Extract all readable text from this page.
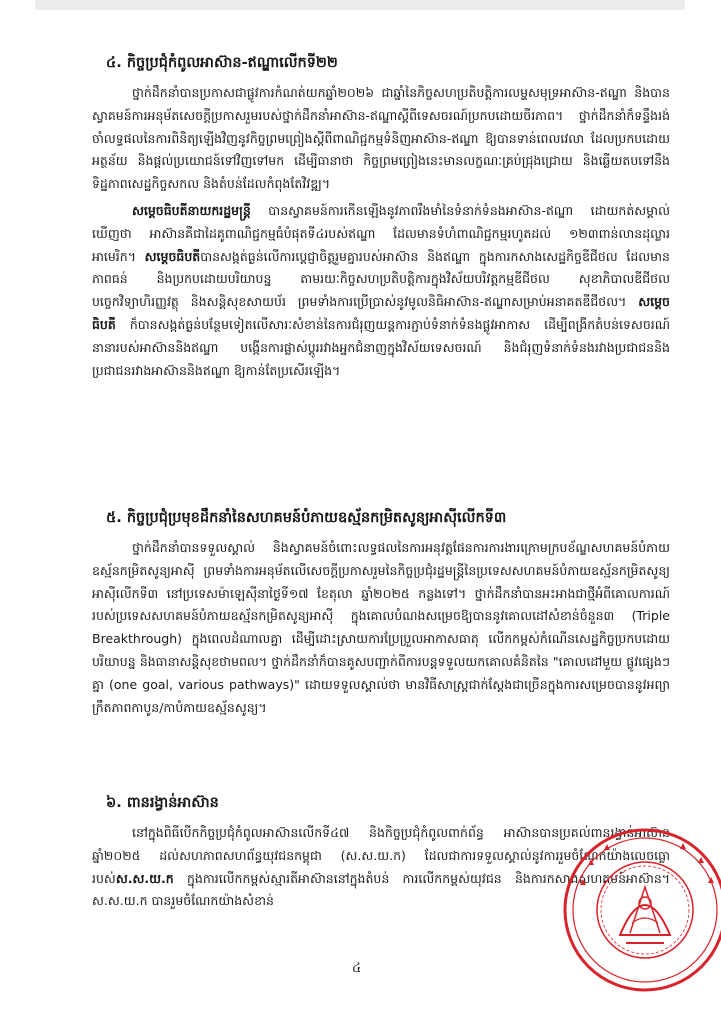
៤. កិច្ចប្រជុំកំពូលអាស៊ាន-ឥណ្ឌាលើកទី២២

ថ្នាក់ដឹកនាំបានប្រកាសជាផ្លូវការកំណត់យកឆ្នាំ២០២៦ ជាឆ្នាំនៃកិច្ចសហប្រតិបត្តិការលម្ហសមុទ្រអាស៊ាន-ឥណ្ឌា និងបានស្វាគមន៍ការអនុម័តសេចក្តីប្រកាសរួមរបស់ថ្នាក់ដឹកនាំអាស៊ាន-ឥណ្ឌាស្តីពីទេសចរណ៍ប្រកបដោយចីរភាព។ ថ្នាក់ដឹកនាំក៏ទន្ទឹងរង់ចាំលទ្ធផលនៃការពិនិត្យឡើងវិញនូវកិច្ចព្រមព្រៀងស្តីពីពាណិជ្ជកម្មទំនិញអាស៊ាន-ឥណ្ឌា ឱ្យបានទាន់ពេលវេលា ដែលប្រកបដោយអត្ថន័យ និងផ្តល់ប្រយោជន៍ទៅវិញទៅមក ដើម្បីធានាថា កិច្ចព្រមព្រៀងនេះមានលក្ខណៈគ្រប់ជ្រុងជ្រោយ និងឆ្លើយតបទៅនឹងទិដ្ឋភាពសេដ្ឋកិច្ចសកល និងតំបន់ដែលកំពុងតែវិវឌ្ឍ។

សម្តេចធិបតីនាយករដ្ឋមន្ត្រី បានស្វាគមន៍ការកើនឡើងនូវភាពរឹងមាំនៃទំនាក់ទំនងអាស៊ាន-ឥណ្ឌា ដោយកត់សម្គាល់ឃើញថា អាស៊ានគឺជាដៃគូពាណិជ្ជកម្មធំបំផុតទី៤របស់ឥណ្ឌា ដែលមានទំហំពាណិជ្ជកម្មរហូតដល់ ១២៣ពាន់លានដុល្លារអាមេរិក។ សម្តេចធិបតីបានសង្កត់ធ្ងន់លើការប្តេជ្ញាចិត្តរួមគ្នារបស់អាស៊ាន និងឥណ្ឌា ក្នុងការកសាងសេដ្ឋកិច្ចឌីជីថល ដែលមានភាពធន់ និងប្រកបដោយបរិយាបន្ន តាមរយៈកិច្ចសហប្រតិបត្តិការក្នុងវិស័យបរិវត្តកម្មឌីជីថល សុខាភិបាលឌីជីថល បច្ចេកវិទ្យាហិរញ្ញវត្ថុ និងសន្តិសុខសាយប័រ ព្រមទាំងការប្រើប្រាស់នូវមូលនិធិអាស៊ាន-ឥណ្ឌាសម្រាប់អនាគតឌីជីថល។ សម្តេចធិបតី ក៏បានសង្កត់ធ្ងន់បន្ថែមទៀតលើសារៈសំខាន់នៃការជំរុញយន្តការភ្ជាប់ទំនាក់ទំនងផ្លូវអាកាស ដើម្បីពង្រីកតំបន់ទេសចរណ៍នានារបស់អាស៊ាននិងឥណ្ឌា បង្កើនការផ្លាស់ប្តូររវាងអ្នកជំនាញក្នុងវិស័យទេសចរណ៍ និងជំរុញទំនាក់ទំនងរវាងប្រជាជននិងប្រជាជនរវាងអាស៊ាននិងឥណ្ឌា ឱ្យកាន់តែប្រសើរឡើង។

៥. កិច្ចប្រជុំប្រមុខដឹកនាំនៃសហគមន៍បំភាយឧស្ម័នកម្រិតសូន្យអាស៊ីលើកទី៣

ថ្នាក់ដឹកនាំបានទទួលស្គាល់ និងស្វាគមន៍ចំពោះលទ្ធផលនៃការអនុវត្តផែនការការងារក្រោមក្របខ័ណ្ឌសហគមន៍បំភាយឧស្ម័នកម្រិតសូន្យអាស៊ី ព្រមទាំងការអនុម័តលើសេចក្តីប្រកាសរួមនៃកិច្ចប្រជុំរដ្ឋមន្ត្រីនៃប្រទេសសហគមន៍បំភាយឧស្ម័នកម្រិតសូន្យអាស៊ីលើកទី៣ នៅប្រទេសម៉ាឡេស៊ីនាថ្ងៃទី១៧ ខែតុលា ឆ្នាំ២០២៥ កន្លងទៅ។ ថ្នាក់ដឹកនាំបានអះអាងជាថ្មីអំពីគោលការណ៍របស់ប្រទេសសហគមន៍បំភាយឧស្ម័នកម្រិតសូន្យអាស៊ី ក្នុងគោលបំណងសម្រេចឱ្យបាននូវគោលដៅសំខាន់ចំនួន៣ (Triple Breakthrough) ក្នុងពេលដំណាលគ្នា ដើម្បីដោះស្រាយការប្រែប្រួលអាកាសធាតុ លើកកម្ពស់កំណើនសេដ្ឋកិច្ចប្រកបដោយបរិយាបន្ន និងធានាសន្តិសុខថាមពល។ ថ្នាក់ដឹកនាំក៏បានគូសបញ្ជាក់ពីការបន្តទទួលយកគោលគំនិតនៃ "គោលដៅមួយ ផ្លូវផ្សេងៗគ្នា (one goal, various pathways)" ដោយទទួលស្គាល់ថា មានវិធីសាស្ត្រជាក់ស្តែងជាច្រើនក្នុងការសម្រេចបាននូវអព្យាក្រឹតភាពកាបូន/កាបំភាយឧស្ម័នសូន្យ។

៦. ពានរង្វាន់អាស៊ាន

នៅក្នុងពិធីបើកកិច្ចប្រជុំកំពូលអាស៊ានលើកទី៤៧ និងកិច្ចប្រជុំកំពូលពាក់ព័ន្ធ អាស៊ានបានប្រគល់ពានរង្វាន់អាស៊ានឆ្នាំ២០២៥ ដល់សហភាពសហព័ន្ធយុវជនកម្ពុជា (ស.ស.យ.ក) ដែលជាការទទួលស្គាល់នូវការរួមចំណែកយ៉ាងលេចធ្លោរបស់ស.ស.យ.ក ក្នុងការលើកកម្ពស់ស្មារតីអាស៊ាននៅក្នុងតំបន់ ការលើកកម្ពស់យុវជន និងការកសាងសហគមន៍អាស៊ាន។ ស.ស.យ.ក បានរួមចំណែកយ៉ាងសំខាន់

៤
